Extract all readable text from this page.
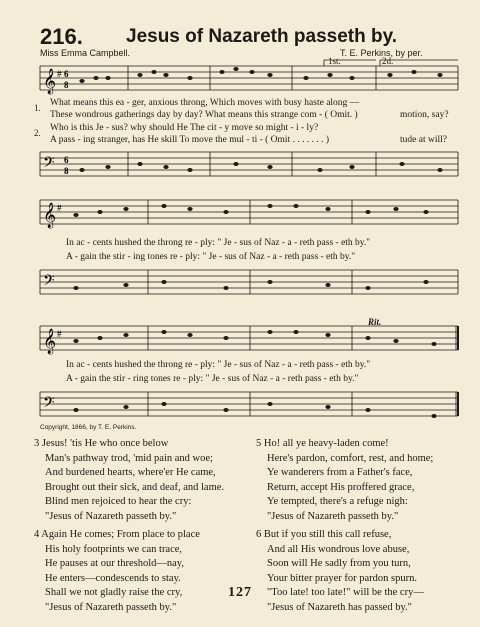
216. Jesus of Nazareth passeth by.
Miss Emma Campbell.	T. E. Perkins, by per.
𝄞 # 6
8
1st.	2d.
1.
2.
What means this ea - ger, anxious throng, Which moves with busy haste along —
These wondrous gatherings day by day? What means this strange com - ( Omit. )
Who is this Je - sus? why should He The cit - y move so might - i - ly?
A pass - ing stranger, has He skill To move the mul - ti - ( Omit . . . . . . . )
motion, say?
tude at will?
𝄢 6
8
𝄞 #
In ac - cents hushed the throng re - ply: " Je - sus of Naz - a - reth pass - eth by."
A - gain the stir - ing tones re - ply: " Je - sus of Naz - a - reth pass - eth by."
𝄢
𝄞 #
Rit.
In ac - cents hushed the throng re - ply: " Je - sus of Naz - a - reth pass - eth by."
A - gain the stir - ring tones re - ply: " Je - sus of Naz - a - reth pass - eth by."
𝄢
Copyright, 1866, by T. E. Perkins.
3 Jesus! 'tis He who once below
Man's pathway trod, 'mid pain and woe;
And burdened hearts, where'er He came,
Brought out their sick, and deaf, and lame.
Blind men rejoiced to hear the cry:
"Jesus of Nazareth passeth by."
4 Again He comes; From place to place
His holy footprints we can trace,
He pauses at our threshold—nay,
He enters—condescends to stay.
Shall we not gladly raise the cry,
"Jesus of Nazareth passeth by."
5 Ho! all ye heavy-laden come!
Here's pardon, comfort, rest, and home;
Ye wanderers from a Father's face,
Return, accept His proffered grace,
Ye tempted, there's a refuge nigh:
"Jesus of Nazareth passeth by."
6 But if you still this call refuse,
And all His wondrous love abuse,
Soon will He sadly from you turn,
Your bitter prayer for pardon spurn.
"Too late! too late!" will be the cry—
"Jesus of Nazareth has passed by."
127
